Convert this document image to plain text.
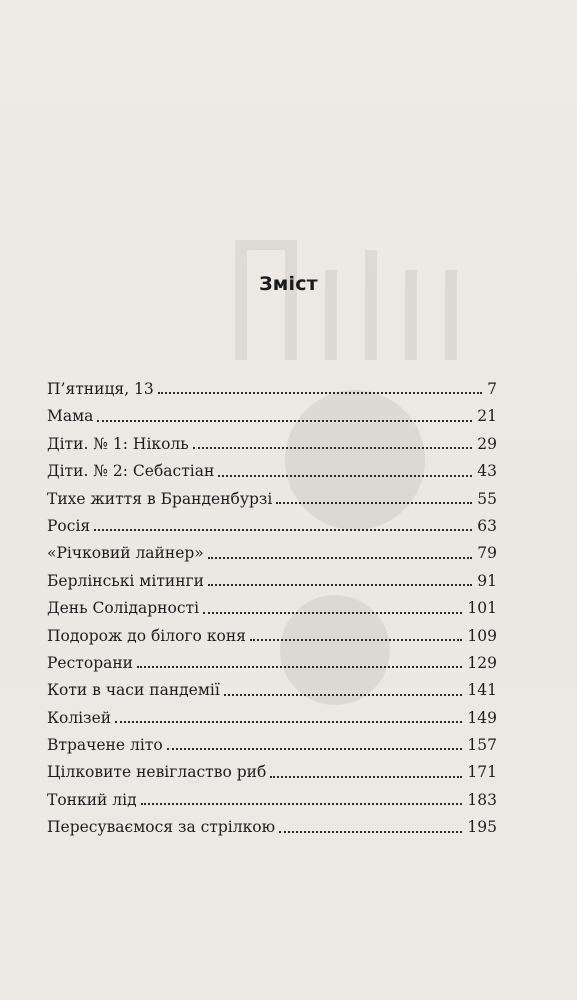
Зміст
П’ятниця, 13	7
Мама	21
Діти. № 1: Ніколь	29
Діти. № 2: Себастіан	43
Тихе життя в Бранденбурзі	55
Росія	63
«Річковий лайнер»	79
Берлінські мітинги	91
День Солідарності	101
Подорож до білого коня	109
Ресторани	129
Коти в часи пандемії	141
Колізей	149
Втрачене літо	157
Цілковите невігластво риб	171
Тонкий лід	183
Пересуваємося за стрілкою	195
